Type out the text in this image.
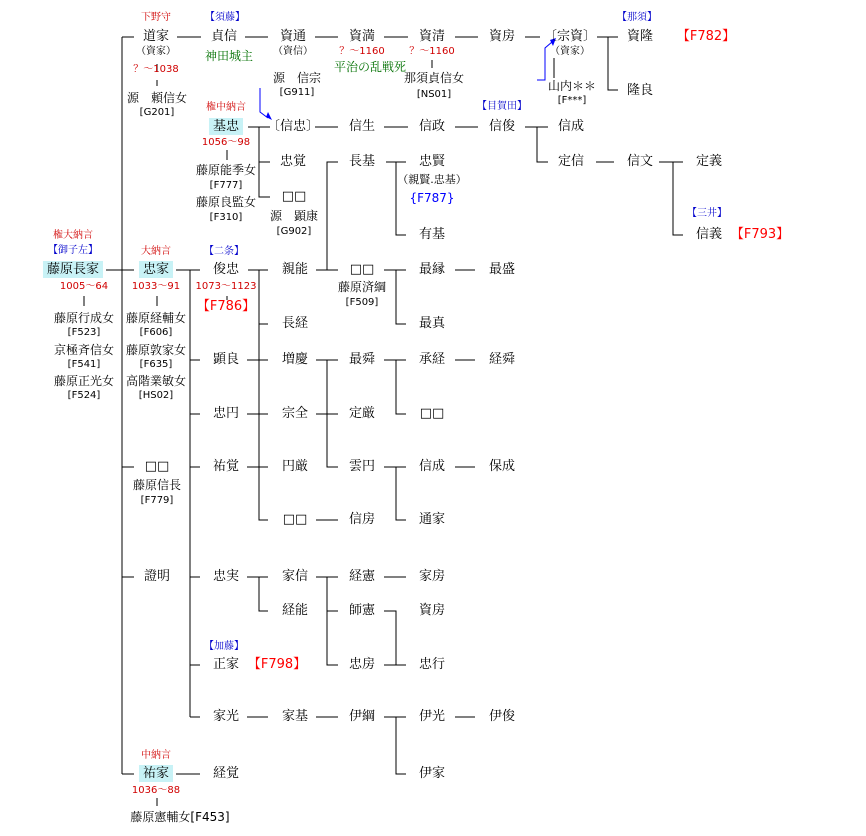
下野守	【須藤】	【那須】
道家
（資家）
？～1038
源　頼信女
[G201]
貞信
神田城主
資通
（資信）
資満
？～1160
平治の乱戦死
資清
？～1160
那須貞信女
[NS01]
資房 〔宗資〕
（資家）
山内＊＊
[F***]
資隆 【F782】
隆良
源　信宗
[G911]
権中納言
基忠
1056～98
藤原能季女
[F777]
藤原良監女
[F310]
〔信忠〕 信生	信政
【目賀田】
信俊	信成
忠覚	定信	信文	定義
□□
源　顕康
[G902]
長基	忠賢
（親賢.忠基）
{F787}
有基
【三井】
信義 【F793】
権大納言
【御子左】
藤原長家
1005～64
藤原行成女
[F523]
京極斉信女
[F541]
藤原正光女
[F524]
大納言
忠家
1033～91
藤原経輔女
[F606]
藤原敦家女
[F635]
高階業敏女
[HS02]
【二条】
俊忠
1073～1123
【F786】
親能	□□
藤原済綱
[F509]
最縁	最盛
長経	最真
顕良	増慶	最舜	承経	経舜
忠円	宗全	定厳	□□
□□
藤原信長
[F779]
祐覚	円厳	雲円	信成	保成
□□	信房	通家
證明	忠実	家信	経憲	家房
経能	師憲	資房
【加藤】
正家 【F798】	忠房	忠行
家光	家基	伊綱	伊光	伊俊
伊家
中納言
祐家
1036～88
藤原憲輔女[F453]
経覚
